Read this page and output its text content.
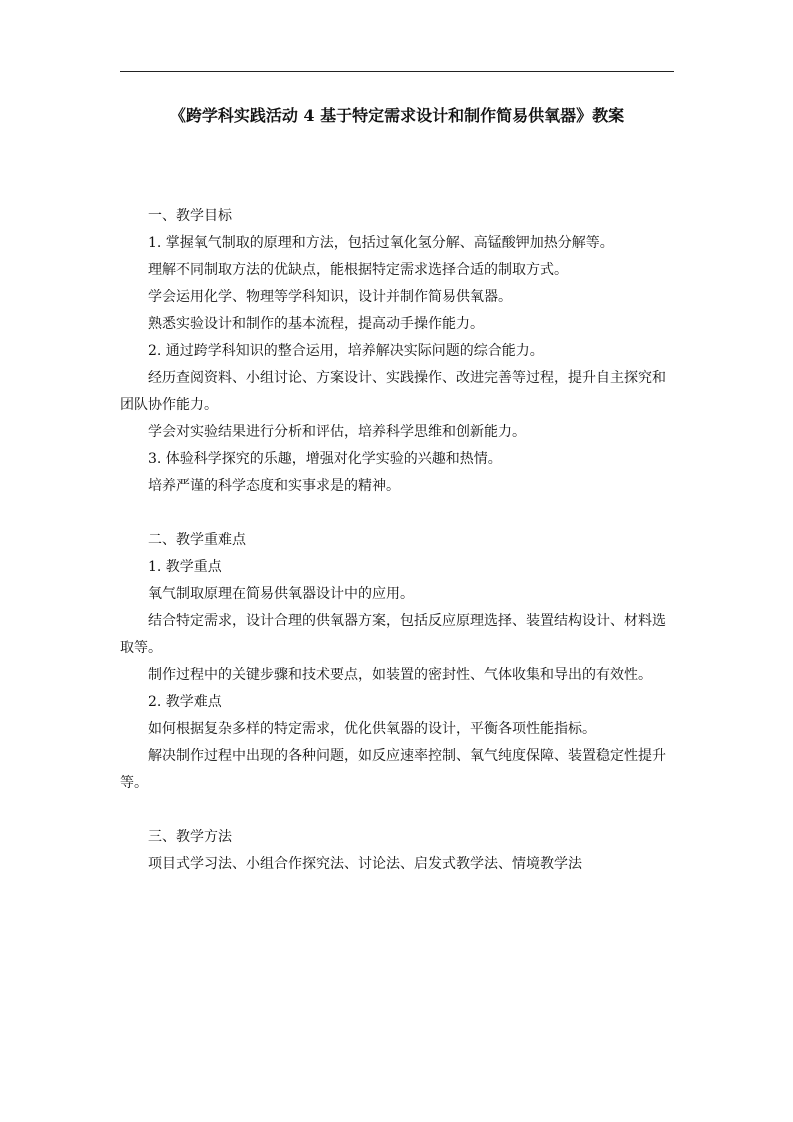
《跨学科实践活动 4 基于特定需求设计和制作简易供氧器》教案

一、教学目标

1. 掌握氧气制取的原理和方法，包括过氧化氢分解、高锰酸钾加热分解等。

理解不同制取方法的优缺点，能根据特定需求选择合适的制取方式。

学会运用化学、物理等学科知识，设计并制作简易供氧器。

熟悉实验设计和制作的基本流程，提高动手操作能力。

2. 通过跨学科知识的整合运用，培养解决实际问题的综合能力。

经历查阅资料、小组讨论、方案设计、实践操作、改进完善等过程，提升自主探究和团队协作能力。

学会对实验结果进行分析和评估，培养科学思维和创新能力。

3. 体验科学探究的乐趣，增强对化学实验的兴趣和热情。

培养严谨的科学态度和实事求是的精神。

二、教学重难点

1. 教学重点

氧气制取原理在简易供氧器设计中的应用。

结合特定需求，设计合理的供氧器方案，包括反应原理选择、装置结构设计、材料选取等。

制作过程中的关键步骤和技术要点，如装置的密封性、气体收集和导出的有效性。

2. 教学难点

如何根据复杂多样的特定需求，优化供氧器的设计，平衡各项性能指标。

解决制作过程中出现的各种问题，如反应速率控制、氧气纯度保障、装置稳定性提升等。

三、教学方法

项目式学习法、小组合作探究法、讨论法、启发式教学法、情境教学法
